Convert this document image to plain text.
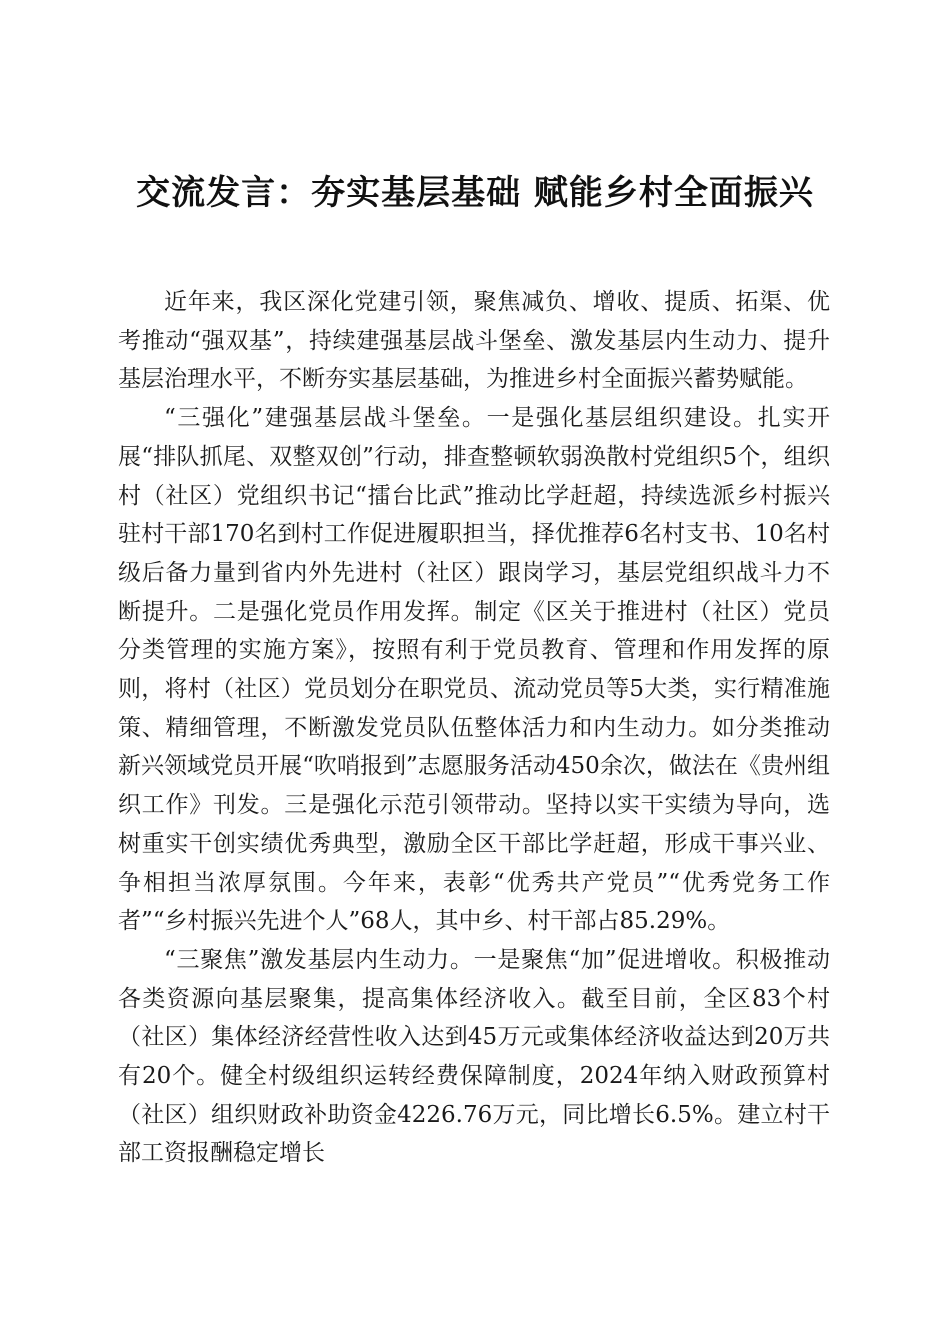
交流发言：夯实基层基础 赋能乡村全面振兴

近年来，我区深化党建引领，聚焦减负、增收、提质、拓渠、优考推动“强双基”，持续建强基层战斗堡垒、激发基层内生动力、提升基层治理水平，不断夯实基层基础，为推进乡村全面振兴蓄势赋能。

“三强化”建强基层战斗堡垒。一是强化基层组织建设。扎实开展“排队抓尾、双整双创”行动，排查整顿软弱涣散村党组织5个，组织村（社区）党组织书记“擂台比武”推动比学赶超，持续选派乡村振兴驻村干部170名到村工作促进履职担当，择优推荐6名村支书、10名村级后备力量到省内外先进村（社区）跟岗学习，基层党组织战斗力不断提升。二是强化党员作用发挥。制定《区关于推进村（社区）党员分类管理的实施方案》，按照有利于党员教育、管理和作用发挥的原则，将村（社区）党员划分在职党员、流动党员等5大类，实行精准施策、精细管理，不断激发党员队伍整体活力和内生动力。如分类推动新兴领域党员开展“吹哨报到”志愿服务活动450余次，做法在《贵州组织工作》刊发。三是强化示范引领带动。坚持以实干实绩为导向，选树重实干创实绩优秀典型，激励全区干部比学赶超，形成干事兴业、争相担当浓厚氛围。今年来，表彰“优秀共产党员”“优秀党务工作者”“乡村振兴先进个人”68人，其中乡、村干部占85.29%。

“三聚焦”激发基层内生动力。一是聚焦“加”促进增收。积极推动各类资源向基层聚集，提高集体经济收入。截至目前，全区83个村（社区）集体经济经营性收入达到45万元或集体经济收益达到20万共有20个。健全村级组织运转经费保障制度，2024年纳入财政预算村（社区）组织财政补助资金4226.76万元，同比增长6.5%。建立村干部工资报酬稳定增长
